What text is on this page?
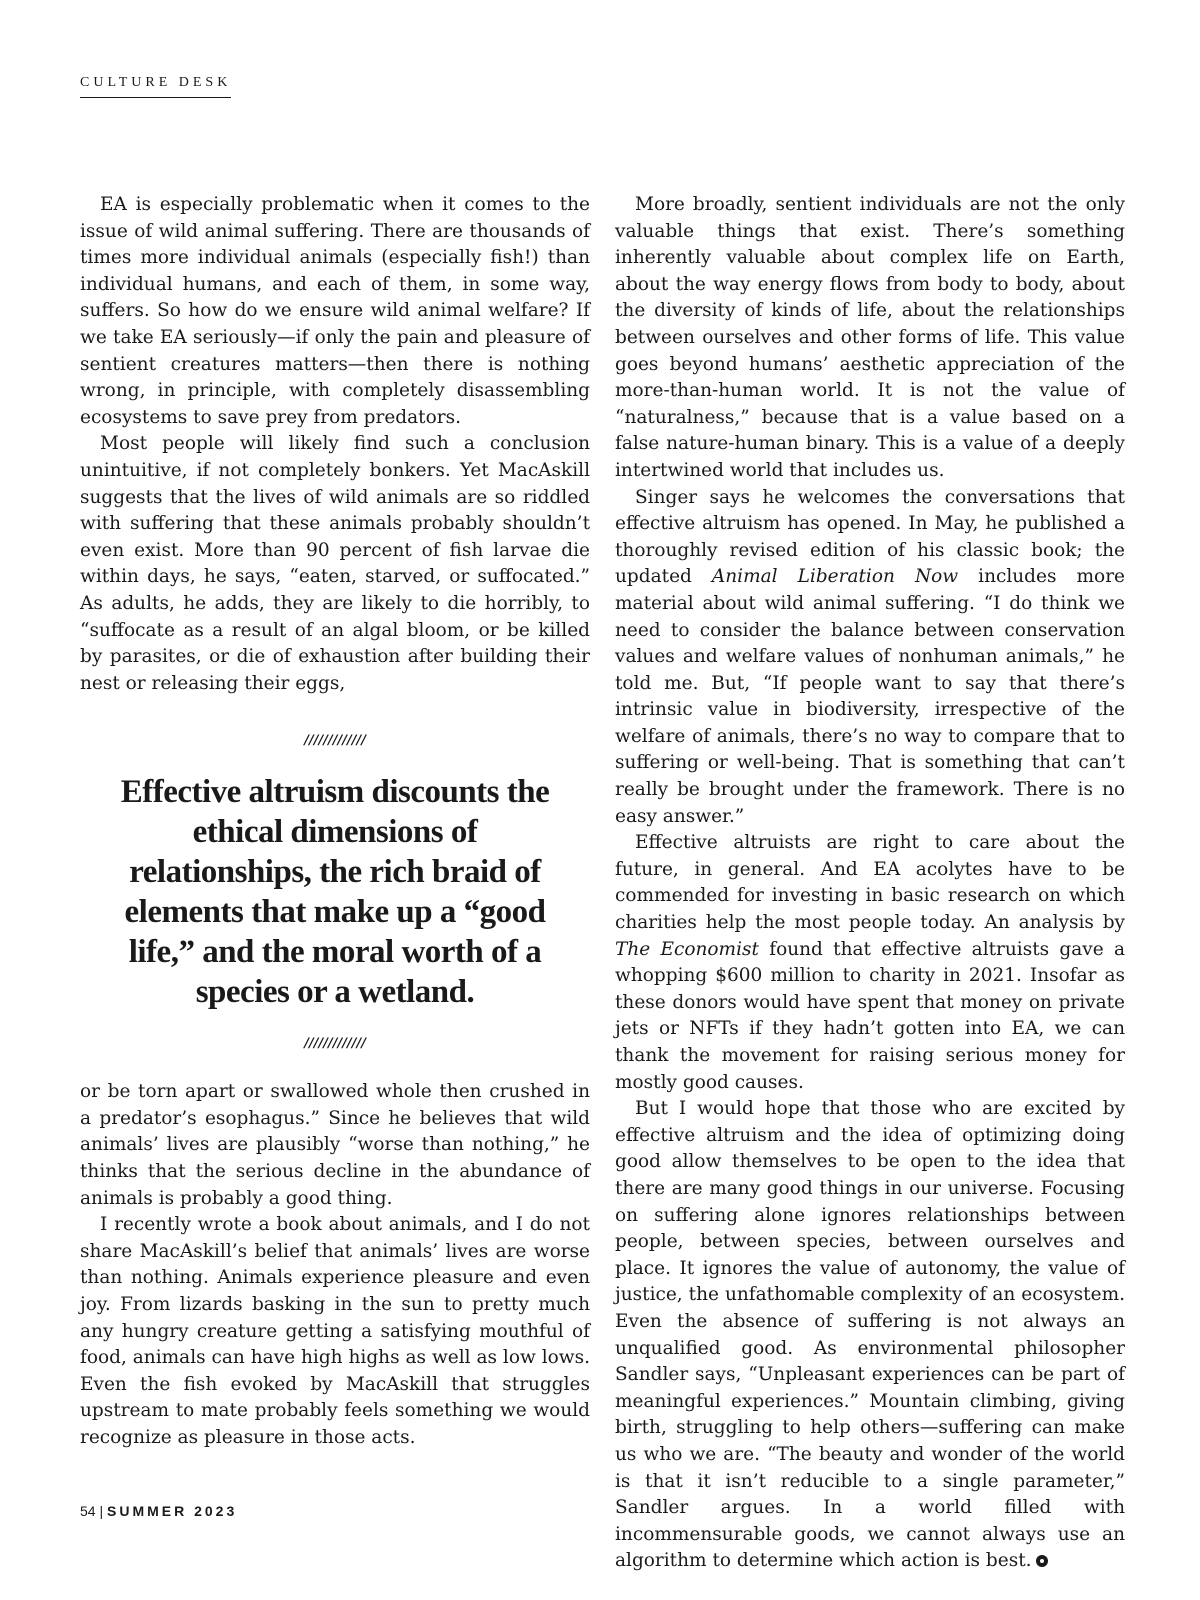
CULTURE DESK

EA is especially problematic when it comes to the issue of wild animal suffering. There are thousands of times more individual animals (especially fish!) than individual humans, and each of them, in some way, suffers. So how do we ensure wild animal welfare? If we take EA seriously—if only the pain and pleasure of sentient creatures matters—then there is nothing wrong, in principle, with completely disassembling ecosystems to save prey from predators.

Most people will likely find such a conclusion unintuitive, if not completely bonkers. Yet MacAskill suggests that the lives of wild animals are so riddled with suffering that these animals probably shouldn’t even exist. More than 90 percent of fish larvae die within days, he says, “eaten, starved, or suffocated.” As adults, he adds, they are likely to die horribly, to “suffocate as a result of an algal bloom, or be killed by parasites, or die of exhaustion after building their nest or releasing their eggs,

/////////////
Effective altruism discounts the ethical dimensions of relationships, the rich braid of elements that make up a “good life,” and the moral worth of a species or a wetland.
/////////////

or be torn apart or swallowed whole then crushed in a predator’s esophagus.” Since he believes that wild animals’ lives are plausibly “worse than nothing,” he thinks that the serious decline in the abundance of animals is probably a good thing.

I recently wrote a book about animals, and I do not share MacAskill’s belief that animals’ lives are worse than nothing. Animals experience pleasure and even joy. From lizards basking in the sun to pretty much any hungry creature getting a satisfying mouthful of food, animals can have high highs as well as low lows. Even the fish evoked by MacAskill that struggles upstream to mate probably feels something we would recognize as pleasure in those acts.

More broadly, sentient individuals are not the only valuable things that exist. There’s something inherently valuable about complex life on Earth, about the way energy flows from body to body, about the diversity of kinds of life, about the relationships between ourselves and other forms of life. This value goes beyond humans’ aesthetic appreciation of the more-than-human world. It is not the value of “naturalness,” because that is a value based on a false nature-human binary. This is a value of a deeply intertwined world that includes us.

Singer says he welcomes the conversations that effective altruism has opened. In May, he published a thoroughly revised edition of his classic book; the updated Animal Liberation Now includes more material about wild animal suffering. “I do think we need to consider the balance between conservation values and welfare values of nonhuman animals,” he told me. But, “If people want to say that there’s intrinsic value in biodiversity, irrespective of the welfare of animals, there’s no way to compare that to suffering or well-being. That is something that can’t really be brought under the framework. There is no easy answer.”

Effective altruists are right to care about the future, in general. And EA acolytes have to be commended for investing in basic research on which charities help the most people today. An analysis by The Economist found that effective altruists gave a whopping $600 million to charity in 2021. Insofar as these donors would have spent that money on private jets or NFTs if they hadn’t gotten into EA, we can thank the movement for raising serious money for mostly good causes.

But I would hope that those who are excited by effective altruism and the idea of optimizing doing good allow themselves to be open to the idea that there are many good things in our universe. Focusing on suffering alone ignores relationships between people, between species, between ourselves and place. It ignores the value of autonomy, the value of justice, the unfathomable complexity of an ecosystem. Even the absence of suffering is not always an unqualified good. As environmental philosopher Sandler says, “Unpleasant experiences can be part of meaningful experiences.” Mountain climbing, giving birth, struggling to help others—suffering can make us who we are. “The beauty and wonder of the world is that it isn’t reducible to a single parameter,” Sandler argues. In a world filled with incommensurable goods, we cannot always use an algorithm to determine which action is best.

54 | SUMMER 2023
